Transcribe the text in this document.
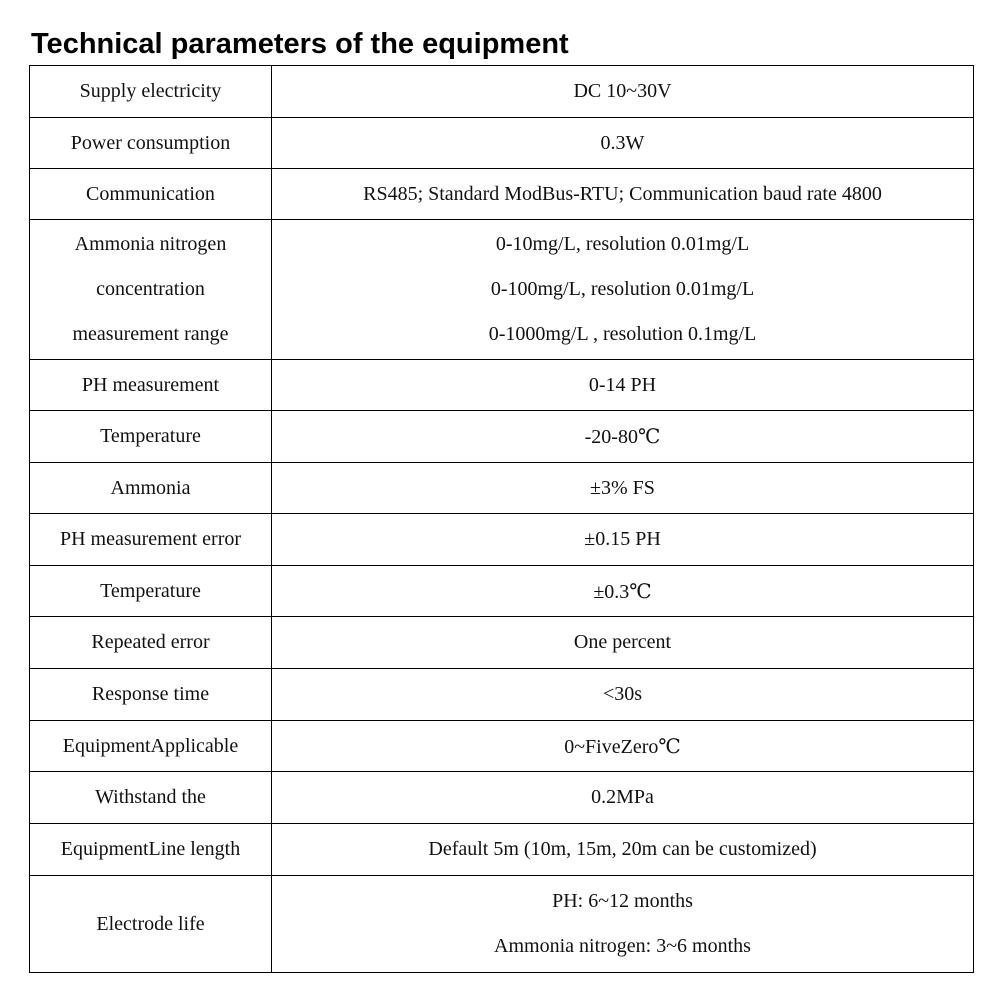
Technical parameters of the equipment
Supply electricity	DC 10~30V

Power consumption	0.3W

Communication	RS485; Standard ModBus-RTU; Communication baud rate 4800

Ammonia nitrogen
concentration
measurement range	0-10mg/L, resolution 0.01mg/L
0-100mg/L, resolution 0.01mg/L
0-1000mg/L , resolution 0.1mg/L

PH measurement	0-14 PH

Temperature	-20-80℃

Ammonia	±3% FS

PH measurement error	±0.15 PH

Temperature	±0.3℃

Repeated error	One percent

Response time	<30s

EquipmentApplicable	0~FiveZero℃

Withstand the	0.2MPa

EquipmentLine length	Default 5m (10m, 15m, 20m can be customized)

Electrode life	PH: 6~12 months
Ammonia nitrogen: 3~6 months
